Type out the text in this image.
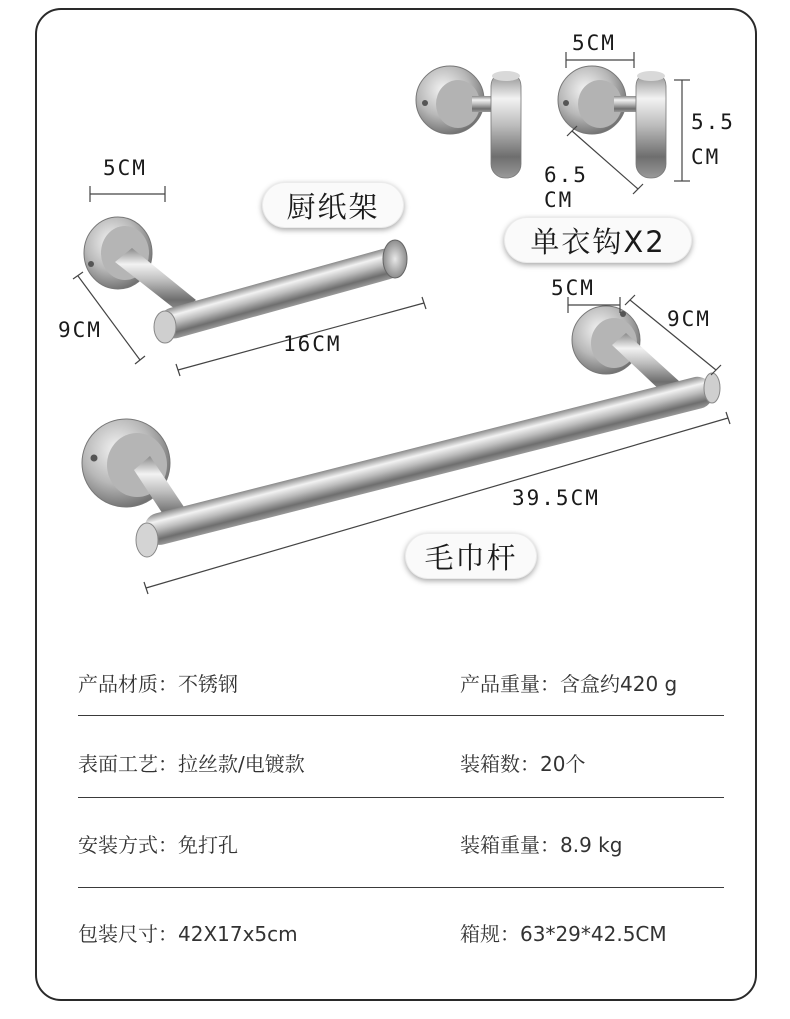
5CM
9CM
16CM
5CM
5.5
CM
6.5
CM
5CM
9CM
39.5CM
厨纸架
单衣钩X2
毛巾杆
产品材质：不锈钢	产品重量：含盒约420 g
表面工艺：拉丝款/电镀款	装箱数：20个
安装方式：免打孔	装箱重量：8.9 kg
包装尺寸：42X17x5cm	箱规：63*29*42.5CM
